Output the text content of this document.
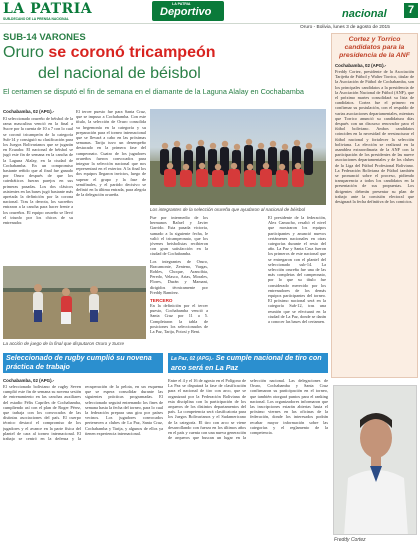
LA PATRIA
SUB-DECANO DE LA PRENSA NACIONAL
LA PATRIA
Deportivo	nacional	7
Oruro - Bolivia, lunes 3 de agosto de 2015
SUB-14 VARONES
Oruro se coronó tricampeón
del nacional de béisbol
El certamen se disputó el fin de semana en el diamante de la Laguna Alalay en Cochabamba
Cochabamba, 02 (APG).-

El seleccionado orureño de béisbol de la rama masculina venció en la final a Sucre por la cuenta de 10 a 7 con lo cual se coronó tricampeón de la categoría Sub-14 y consiguió su clasificación para los Juegos Bolivarianos que se jugarán en Ecuador. El nacional de béisbol se jugó este fin de semana en la cancha de la Laguna Alalay, en la ciudad de Cochabamba. En un compromiso bastante reñido que al final fue ganado por Oruro después de que los catedráticos fueran parejos en sus primeras pasadas. Los dos clásicos asistentes en las bases jugó bastante más apretada la definición por la corona nacional. Tras la derrota, los sucreños entraron a la cancha para hacer frente a los orureños. El equipo orureño se llevó el triunfo por los chicos de su entrenador.

El tercer puesto fue para Santa Cruz, que se impuso a Cochabamba. Con este título, la selección de Oruro consolida su hegemonía en la categoría y su preparación para el torneo internacional que se llevará a cabo en las próximas semanas. Tarija tuvo un desempeño destacado en la primera fase del campeonato. Cuatro de los jugadores orureños fueron convocados para integrar la selección nacional que nos representará en el exterior. A la final los dos equipos llegaron invictos, luego de superar el grupo y la fase de semifinales, y el partido decisivo se definió en la última entrada, para alegría de la delegación orureña.

Los integrantes de la selección orureña que ayudaron al nacional de béisbol

Fue por intermedio de los hermanos Rafael y Javier Garrido. Esta pasada victoria, sumado a la siguiente fecha, le valió el tricampeonato, que los jóvenes beisbolistas recibieron con gran satisfacción en la ciudad de Cochabamba.

Los integrantes de Oruro, Bracamonte, Zenteno, Vargas, Robles, Choque, Arancibia, Peredo, Velasco, Arias, Morales, Flores, Durán y Mamani, dirigidos técnicamente por Freddy Ramírez.

TERCERO

En la definición por el tercer puesto, Cochabamba venció a Santa Cruz por 11 a 5. Completaron la tabla de posiciones los seleccionados de La Paz, Tarija, Potosí y Beni.

El presidente de la federación, Alex Camacho, resaltó el nivel que mostraron los equipos participantes y anunció nuevos certámenes nacionales en otras categorías durante el resto del año. La Paz y Santa Cruz fueron los primeros de este nacional que se entregaron con el plantel del seleccionado sub-14. La selección orureña fue una de las más completas del campeonato, por lo que su título fue considerado merecido por los entrenadores de los demás equipos participantes del torneo. El próximo nacional será en la categoría Sub-12, tras una reunión que se efectuará en la ciudad de La Paz, donde se darán a conocer las bases del certamen.

La acción de juego de la final que disputaron Oruro y Sucre
Cortez y Torrico
candidatos para la presidencia de la ANF
Cochabamba, 02 (APG).-

Freddy Cortez, presidente de la Asociación Tarijeña de Fútbol y Walter Torrico, titular de la Asociación de Fútbol de Cochabamba, son los principales candidatos a la presidencia de la Asociación Nacional de Fútbol (ANF), que el próximo martes consolidará su lista de candidatos. Cortez fue el primero en confirmar su postulación, con el respaldo de varias asociaciones departamentales, mientras que Torrico anunció su candidatura días después con un discurso renovador para el fútbol boliviano. Ambos candidatos coinciden en la necesidad de reestructurar el fútbol nacional y fortalecer la selección boliviana. La elección se realizará en la asamblea extraordinaria de la ANF con la participación de los presidentes de las nueve asociaciones departamentales y de los clubes de la Liga del Fútbol Profesional Boliviano. La Federación Boliviana de Fútbol también se pronunció sobre el proceso, pidiendo transparencia a todos los candidatos en la presentación de sus propuestas. Los dirigentes deberán presentar su plan de trabajo ante la comisión electoral que designará la fecha definitiva de los comicios.

Freddy Cortez
Seleccionado de rugby cumplió su novena práctica de trabajo
Cochabamba, 02 (APG).-

El seleccionado boliviano de rugby Seven cumplió este fin de semana su novena sesión de entrenamiento en las canchas auxiliares del estadio Félix Capriles de Cochabamba, cumpliendo así con el plan de Roger Pérez, que trabaja con los convocados de las distintas asociaciones del país. El cuerpo técnico destacó el compromiso de los jugadores y el avance en la parte física del plantel de cara al torneo internacional. El trabajo se centró en la defensa y la recuperación de la pelota, en un esquema que se espera consolidar durante las siguientes prácticas programadas. El seleccionado seguirá entrenando los fines de semana hasta la fecha del torneo, para lo cual la federación prepara una gira por países vecinos. Los jugadores convocados pertenecen a clubes de La Paz, Santa Cruz, Cochabamba y Tarija, y algunos de ellos ya tienen experiencia internacional.

La Paz, 02 (APG).- Se cumple nacional de tiro con arco será en La Paz

Entre el 4 y el 16 de agosto en el Polígono de La Paz se disputará la fase de clasificación para el nacional de tiro con arco, que se organizará por la Federación Boliviana de esta disciplina con la participación de los arqueros de los distintos departamentos del país. La competencia será clasificatoria para los Juegos Bolivarianos y el Sudamericano de la categoría. El tiro con arco se viene desarrollando con fuerza en los últimos años en el país y cuenta con una nueva generación de arqueros que buscan un lugar en la selección nacional. Las delegaciones de Oruro, Cochabamba y Santa Cruz confirmaron su participación en el torneo, que también otorgará puntos para el ranking nacional. Los organizadores informaron que las inscripciones estarán abiertas hasta el próximo viernes en las oficinas de la federación, donde los interesados podrán recabar mayor información sobre las categorías y el reglamento de la competencia.
